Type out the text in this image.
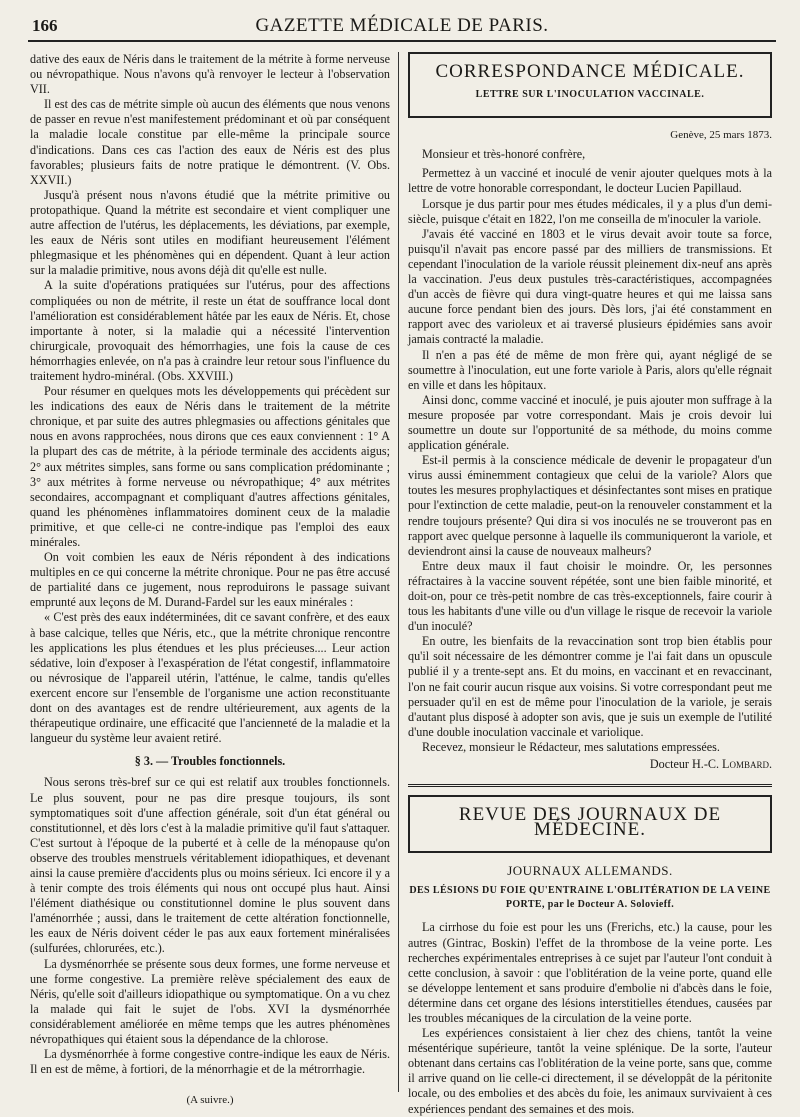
166	GAZETTE MÉDICALE DE PARIS.

dative des eaux de Néris dans le traitement de la métrite à forme nerveuse ou névropathique. Nous n'avons qu'à renvoyer le lecteur à l'observation VII.

Il est des cas de métrite simple où aucun des éléments que nous venons de passer en revue n'est manifestement prédominant et où par conséquent la maladie locale constitue par elle-même la principale source d'indications. Dans ces cas l'action des eaux de Néris est des plus favorables; plusieurs faits de notre pratique le démontrent. (V. Obs. XXVII.)

Jusqu'à présent nous n'avons étudié que la métrite primitive ou protopathique. Quand la métrite est secondaire et vient compliquer une autre affection de l'utérus, les déplacements, les déviations, par exemple, les eaux de Néris sont utiles en modifiant heureusement l'élément phlegmasique et les phénomènes qui en dépendent. Quant à leur action sur la maladie primitive, nous avons déjà dit qu'elle est nulle.

A la suite d'opérations pratiquées sur l'utérus, pour des affections compliquées ou non de métrite, il reste un état de souffrance local dont l'amélioration est considérablement hâtée par les eaux de Néris. Et, chose importante à noter, si la maladie qui a nécessité l'intervention chirurgicale, provoquait des hémorrhagies, une fois la cause de ces hémorrhagies enlevée, on n'a pas à craindre leur retour sous l'influence du traitement hydro-minéral. (Obs. XXVIII.)

Pour résumer en quelques mots les développements qui précèdent sur les indications des eaux de Néris dans le traitement de la métrite chronique, et par suite des autres phlegmasies ou affections génitales que nous en avons rapprochées, nous dirons que ces eaux conviennent : 1° A la plupart des cas de métrite, à la période terminale des accidents aigus; 2° aux métrites simples, sans forme ou sans complication prédominante ; 3° aux métrites à forme nerveuse ou névropathique; 4° aux métrites secondaires, accompagnant et compliquant d'autres affections génitales, quand les phénomènes inflammatoires dominent ceux de la maladie primitive, et que celle-ci ne contre-indique pas l'emploi des eaux minérales.

On voit combien les eaux de Néris répondent à des indications multiples en ce qui concerne la métrite chronique. Pour ne pas être accusé de partialité dans ce jugement, nous reproduirons le passage suivant emprunté aux leçons de M. Durand-Fardel sur les eaux minérales :

« C'est près des eaux indéterminées, dit ce savant confrère, et des eaux à base calcique, telles que Néris, etc., que la métrite chronique rencontre les applications les plus étendues et les plus précieuses.... Leur action sédative, loin d'exposer à l'exaspération de l'état congestif, inflammatoire ou névrosique de l'appareil utérin, l'atténue, le calme, tandis qu'elles exercent encore sur l'ensemble de l'organisme une action reconstituante dont on des avantages est de rendre ultérieurement, aux agents de la thérapeutique ordinaire, une efficacité que l'ancienneté de la maladie et la langueur du système leur avaient retiré.

§ 3. — Troubles fonctionnels.

Nous serons très-bref sur ce qui est relatif aux troubles fonctionnels. Le plus souvent, pour ne pas dire presque toujours, ils sont symptomatiques soit d'une affection générale, soit d'un état général ou constitutionnel, et dès lors c'est à la maladie primitive qu'il faut s'attaquer. C'est surtout à l'époque de la puberté et à celle de la ménopause qu'on observe des troubles menstruels véritablement idiopathiques, et devenant ainsi la cause première d'accidents plus ou moins sérieux. Ici encore il y a à tenir compte des trois éléments qui nous ont occupé plus haut. Ainsi l'élément diathésique ou constitutionnel domine le plus souvent dans l'aménorrhée ; aussi, dans le traitement de cette altération fonctionnelle, les eaux de Néris doivent céder le pas aux eaux fortement minéralisées (sulfurées, chlorurées, etc.).

La dysménorrhée se présente sous deux formes, une forme nerveuse et une forme congestive. La première relève spécialement des eaux de Néris, qu'elle soit d'ailleurs idiopathique ou symptomatique. On a vu chez la malade qui fait le sujet de l'obs. XVI la dysménorrhée considérablement améliorée en même temps que les autres phénomènes névropathiques qui étaient sous la dépendance de la chlorose.

La dysménorrhée à forme congestive contre-indique les eaux de Néris. Il en est de même, à fortiori, de la ménorrhagie et de la métrorrhagie.

(A suivre.)
CORRESPONDANCE MÉDICALE.
LETTRE SUR L'INOCULATION VACCINALE.
Genève, 25 mars 1873.

Monsieur et très-honoré confrère,

Permettez à un vacciné et inoculé de venir ajouter quelques mots à la lettre de votre honorable correspondant, le docteur Lucien Papillaud.

Lorsque je dus partir pour mes études médicales, il y a plus d'un demi-siècle, puisque c'était en 1822, l'on me conseilla de m'inoculer la variole.

J'avais été vacciné en 1803 et le virus devait avoir toute sa force, puisqu'il n'avait pas encore passé par des milliers de transmissions. Et cependant l'inoculation de la variole réussit pleinement dix-neuf ans après la vaccination. J'eus deux pustules très-caractéristiques, accompagnées d'un accès de fièvre qui dura vingt-quatre heures et qui me laissa sans aucune force pendant bien des jours. Dès lors, j'ai été constamment en rapport avec des varioleux et ai traversé plusieurs épidémies sans avoir jamais contracté la maladie.

Il n'en a pas été de même de mon frère qui, ayant négligé de se soumettre à l'inoculation, eut une forte variole à Paris, alors qu'elle régnait en ville et dans les hôpitaux.

Ainsi donc, comme vacciné et inoculé, je puis ajouter mon suffrage à la mesure proposée par votre correspondant. Mais je crois devoir lui soumettre un doute sur l'opportunité de sa méthode, du moins comme application générale.

Est-il permis à la conscience médicale de devenir le propagateur d'un virus aussi éminemment contagieux que celui de la variole? Alors que toutes les mesures prophylactiques et désinfectantes sont mises en pratique pour l'extinction de cette maladie, peut-on la renouveler constamment et la rendre toujours présente? Qui dira si vos inoculés ne se trouveront pas en rapport avec quelque personne à laquelle ils communiqueront la variole, et deviendront ainsi la cause de nouveaux malheurs?

Entre deux maux il faut choisir le moindre. Or, les personnes réfractaires à la vaccine souvent répétée, sont une bien faible minorité, et doit-on, pour ce très-petit nombre de cas très-exceptionnels, faire courir à tous les habitants d'une ville ou d'un village le risque de recevoir la variole d'un inoculé?

En outre, les bienfaits de la revaccination sont trop bien établis pour qu'il soit nécessaire de les démontrer comme je l'ai fait dans un opuscule publié il y a trente-sept ans. Et du moins, en vaccinant et en revaccinant, l'on ne fait courir aucun risque aux voisins. Si votre correspondant peut me persuader qu'il en est de même pour l'inoculation de la variole, je serais d'autant plus disposé à adopter son avis, que je suis un exemple de l'utilité d'une double inoculation vaccinale et variolique.

Recevez, monsieur le Rédacteur, mes salutations empressées.

Docteur H.-C. Lombard.
REVUE DES JOURNAUX DE MÉDECINE.
JOURNAUX ALLEMANDS.
DES LÉSIONS DU FOIE QU'ENTRAINE L'OBLITÉRATION DE LA VEINE PORTE, par le Docteur A. Solovieff.

La cirrhose du foie est pour les uns (Frerichs, etc.) la cause, pour les autres (Gintrac, Boskin) l'effet de la thrombose de la veine porte. Les recherches expérimentales entreprises à ce sujet par l'auteur l'ont conduit à cette conclusion, à savoir : que l'oblitération de la veine porte, quand elle se développe lentement et sans produire d'embolie ni d'abcès dans le foie, détermine dans cet organe des lésions interstitielles étendues, causées par les troubles mécaniques de la circulation de la veine porte.

Les expériences consistaient à lier chez des chiens, tantôt la veine mésentérique supérieure, tantôt la veine splénique. De la sorte, l'auteur obtenant dans certains cas l'oblitération de la veine porte, sans que, comme il arrive quand on lie celle-ci directement, il se développât de la péritonite locale, ou des embolies et des abcès du foie, les animaux survivaient à ces expériences pendant des semaines et des mois.
